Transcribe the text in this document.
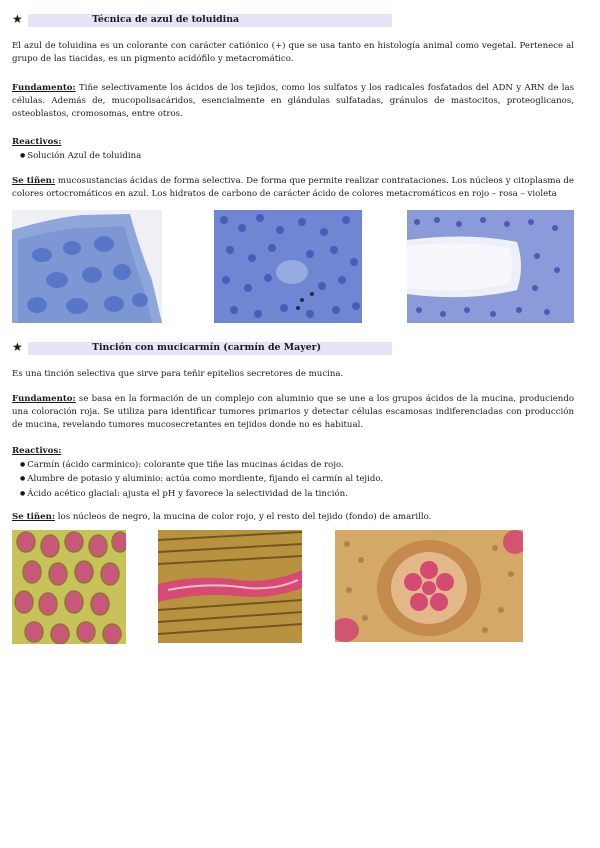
★	Técnica de azul de toluidina
El azul de toluidina es un colorante con carácter catiónico (+) que se usa tanto en histología animal como vegetal. Pertenece al grupo de las tiacidas, es un pigmento acidófilo y metacromático.
Fundamento: Tiñe selectivamente los ácidos de los tejidos, como los sulfatos y los radicales fosfatados del ADN y ARN de las células. Además de, mucopolisacáridos, esencialmente en glándulas sulfatadas, gránulos de mastocitos, proteoglicanos, osteoblastos, cromosomas, entre otros.
Reactivos:
● Solución Azul de toluidina
Se tiñen: mucosustancias ácidas de forma selectiva. De forma que permite realizar contrataciones. Los núcleos y citoplasma de colores ortocromáticos en azul. Los hidratos de carbono de carácter ácido de colores metacromáticos en rojo – rosa – violeta
★	Tinción con mucicarmín (carmín de Mayer)
Es una tinción selectiva que sirve para teñir epitelios secretores de mucina.
Fundamento: se basa en la formación de un complejo con aluminio que se une a los grupos ácidos de la mucina, produciendo una coloración roja. Se utiliza para identificar tumores primarios y detectar células escamosas indiferenciadas con producción de mucina, revelando tumores mucosecretantes en tejidos donde no es habitual.
Reactivos:
● Carmín (ácido carmínico): colorante que tiñe las mucinas ácidas de rojo.
● Alumbre de potasio y aluminio: actúa como mordiente, fijando el carmín al tejido.
● Ácido acético glacial: ajusta el pH y favorece la selectividad de la tinción.
Se tiñen: los núcleos de negro, la mucina de color rojo, y el resto del tejido (fondo) de amarillo.
